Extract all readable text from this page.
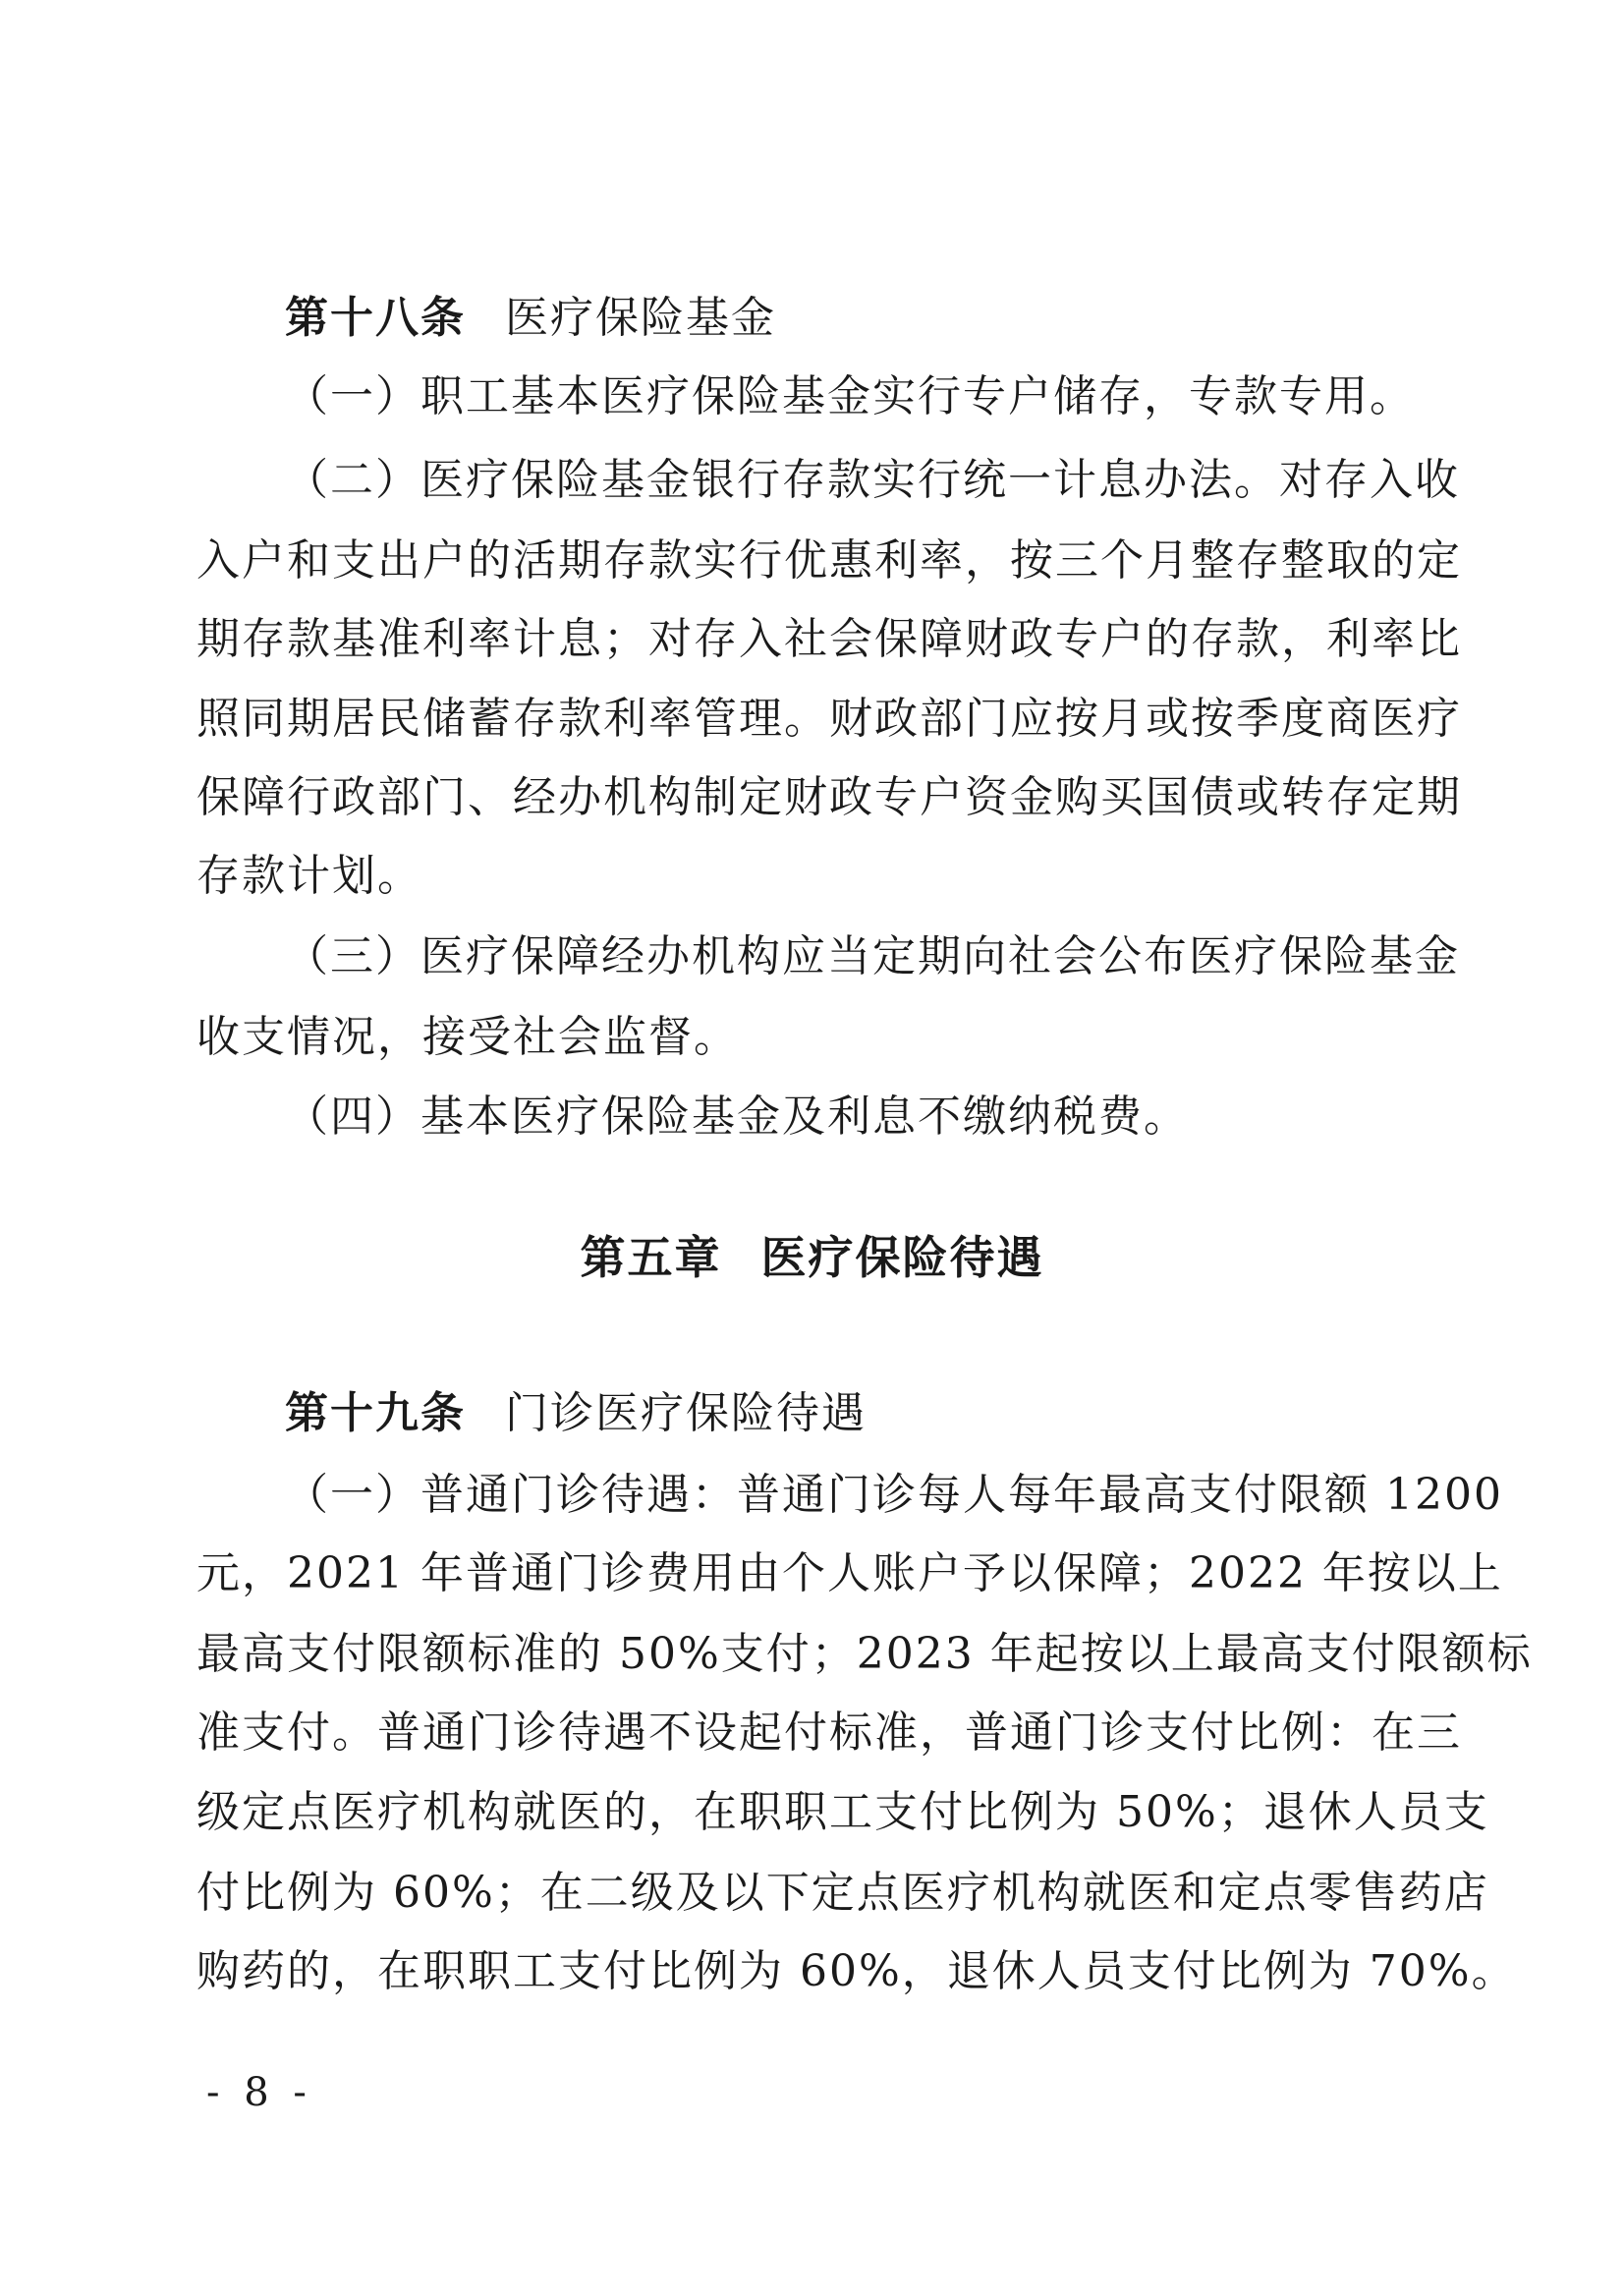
第十八条 医疗保险基金
（一）职工基本医疗保险基金实行专户储存，专款专用。
（二）医疗保险基金银行存款实行统一计息办法。对存入收
入户和支出户的活期存款实行优惠利率，按三个月整存整取的定
期存款基准利率计息；对存入社会保障财政专户的存款，利率比
照同期居民储蓄存款利率管理。财政部门应按月或按季度商医疗
保障行政部门、经办机构制定财政专户资金购买国债或转存定期
存款计划。
（三）医疗保障经办机构应当定期向社会公布医疗保险基金
收支情况，接受社会监督。
（四）基本医疗保险基金及利息不缴纳税费。
第五章 医疗保险待遇
第十九条 门诊医疗保险待遇
（一）普通门诊待遇：普通门诊每人每年最高支付限额 1200
元，2021 年普通门诊费用由个人账户予以保障；2022 年按以上
最高支付限额标准的 50%支付；2023 年起按以上最高支付限额标
准支付。普通门诊待遇不设起付标准，普通门诊支付比例：在三
级定点医疗机构就医的，在职职工支付比例为 50%；退休人员支
付比例为 60%；在二级及以下定点医疗机构就医和定点零售药店
购药的，在职职工支付比例为 60%，退休人员支付比例为 70%。
- 8 -
